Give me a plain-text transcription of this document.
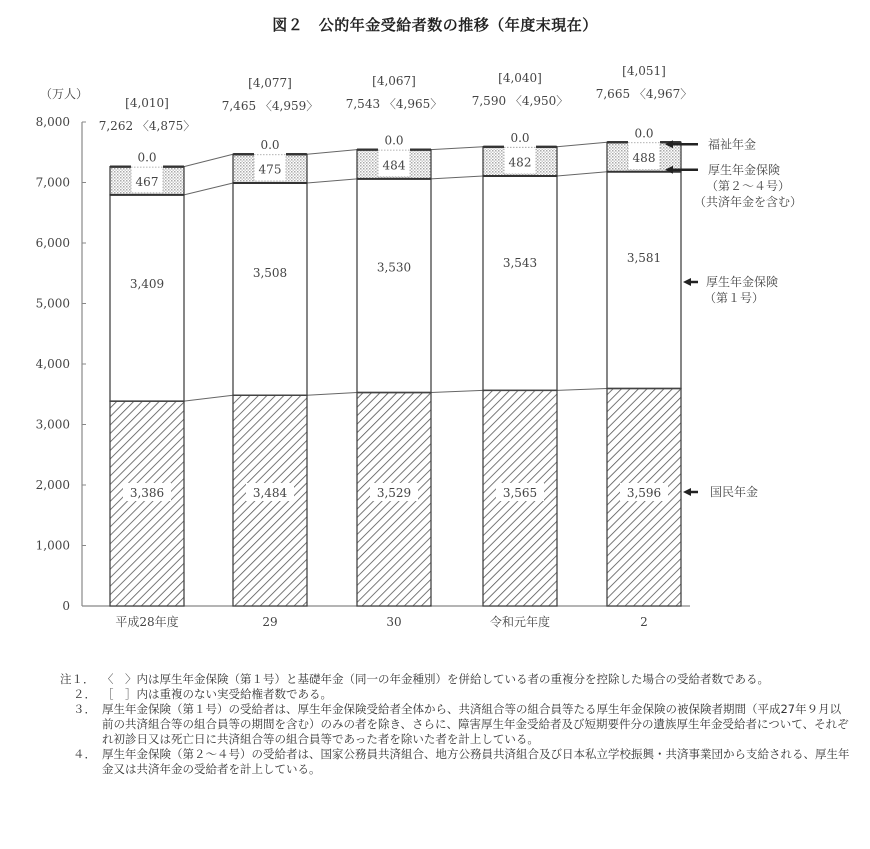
図２　公的年金受給者数の推移（年度末現在）
0
1,000
2,000
3,000
4,000
5,000
6,000
7,000
8,000
（万人）
3,386
3,409
467
0.0
7,262 〈4,875〉
[4,010]
平成28年度
3,484
3,508
475
0.0
7,465 〈4,959〉
[4,077]
29
3,529
3,530
484
0.0
7,543 〈4,965〉
[4,067]
30
3,565
3,543
482
0.0
7,590 〈4,950〉
[4,040]
令和元年度
3,596
3,581
488
0.0
7,665 〈4,967〉
[4,051]
2
福祉年金
厚生年金保険
（第２～４号）
（共済年金を含む）
厚生年金保険
（第１号）
国民年金
注１． 〈　〉内は厚生年金保険（第１号）と基礎年金（同一の年金種別）を併給している者の重複分を控除した場合の受給者数である。
２． ［　］内は重複のない実受給権者数である。
３． 厚生年金保険（第１号）の受給者は、厚生年金保険受給者全体から、共済組合等の組合員等たる厚生年金保険の被保険者期間（平成27年９月以前の共済組合等の組合員等の期間を含む）のみの者を除き、さらに、障害厚生年金受給者及び短期要件分の遺族厚生年金受給者について、それぞれ初診日又は死亡日に共済組合等の組合員等であった者を除いた者を計上している。
４． 厚生年金保険（第２～４号）の受給者は、国家公務員共済組合、地方公務員共済組合及び日本私立学校振興・共済事業団から支給される、厚生年金又は共済年金の受給者を計上している。
